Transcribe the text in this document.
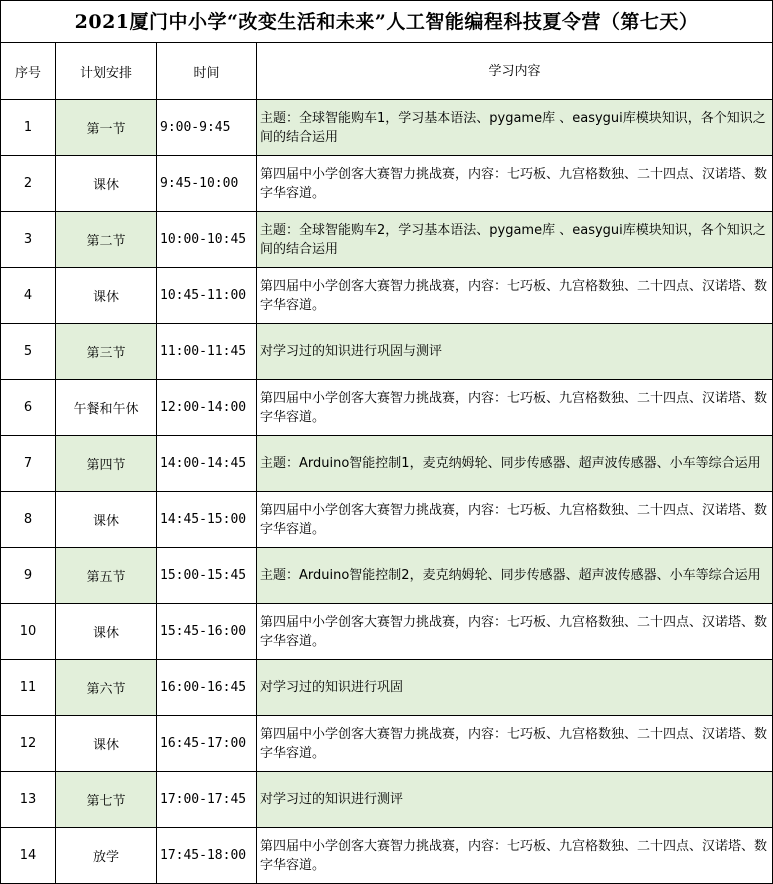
2021厦门中小学“改变生活和未来”人工智能编程科技夏令营（第七天）
序号	计划安排	时间	学习内容
1	第一节	9:00-9:45	主题：全球智能购车1，学习基本语法、pygame库 、easygui库模块知识，各个知识之间的结合运用
2	课休	9:45-10:00	第四届中小学创客大赛智力挑战赛，内容：七巧板、九宫格数独、二十四点、汉诺塔、数字华容道。
3	第二节	10:00-10:45	主题：全球智能购车2，学习基本语法、pygame库 、easygui库模块知识，各个知识之间的结合运用
4	课休	10:45-11:00	第四届中小学创客大赛智力挑战赛，内容：七巧板、九宫格数独、二十四点、汉诺塔、数字华容道。
5	第三节	11:00-11:45	对学习过的知识进行巩固与测评
6	午餐和午休	12:00-14:00	第四届中小学创客大赛智力挑战赛，内容：七巧板、九宫格数独、二十四点、汉诺塔、数字华容道。
7	第四节	14:00-14:45	主题：Arduino智能控制1，麦克纳姆轮、同步传感器、超声波传感器、小车等综合运用
8	课休	14:45-15:00	第四届中小学创客大赛智力挑战赛，内容：七巧板、九宫格数独、二十四点、汉诺塔、数字华容道。
9	第五节	15:00-15:45	主题：Arduino智能控制2，麦克纳姆轮、同步传感器、超声波传感器、小车等综合运用
10	课休	15:45-16:00	第四届中小学创客大赛智力挑战赛，内容：七巧板、九宫格数独、二十四点、汉诺塔、数字华容道。
11	第六节	16:00-16:45	对学习过的知识进行巩固
12	课休	16:45-17:00	第四届中小学创客大赛智力挑战赛，内容：七巧板、九宫格数独、二十四点、汉诺塔、数字华容道。
13	第七节	17:00-17:45	对学习过的知识进行测评
14	放学	17:45-18:00	第四届中小学创客大赛智力挑战赛，内容：七巧板、九宫格数独、二十四点、汉诺塔、数字华容道。
